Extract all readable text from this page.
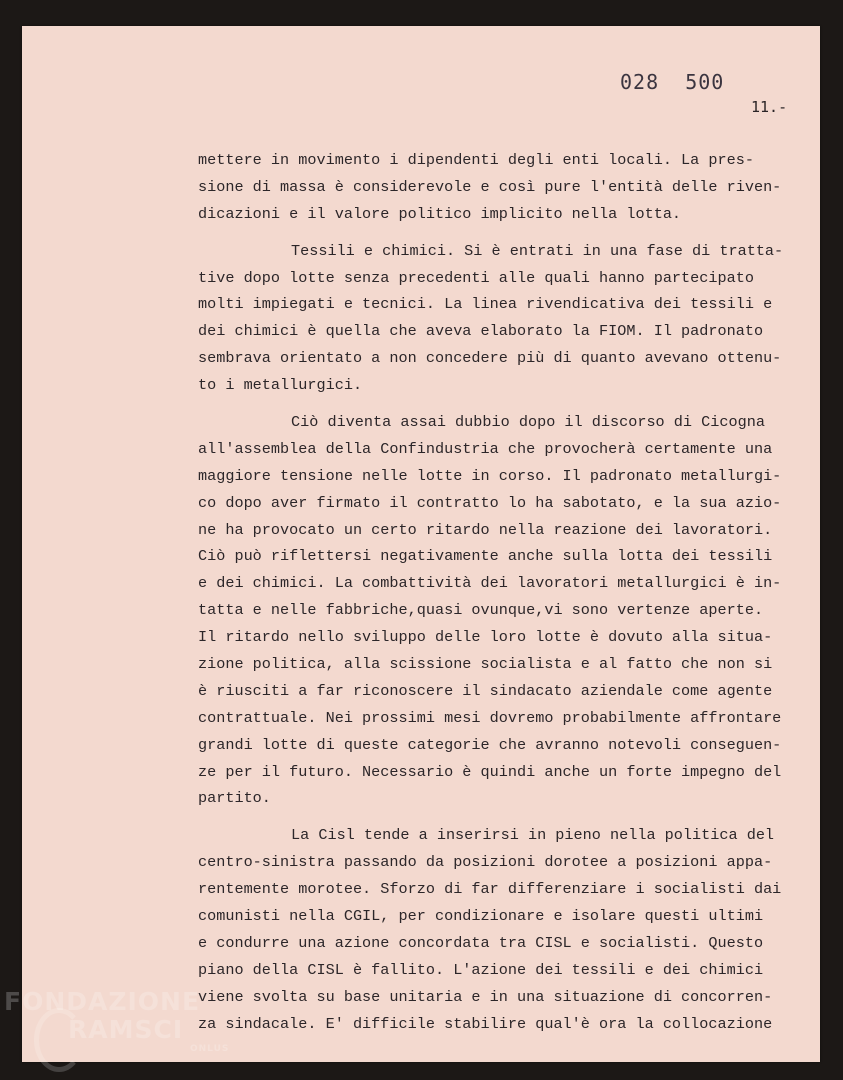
028  500
11.-
mettere in movimento i dipendenti degli enti locali. La pres-
sione di massa è considerevole e così pure l'entità delle riven-
dicazioni e il valore politico implicito nella lotta.
Tessili e chimici. Si è entrati in una fase di tratta-
tive dopo lotte senza precedenti alle quali hanno partecipato
molti impiegati e tecnici. La linea rivendicativa dei tessili e
dei chimici è quella che aveva elaborato la FIOM. Il padronato
sembrava orientato a non concedere più di quanto avevano ottenu-
to i metallurgici.
Ciò diventa assai dubbio dopo il discorso di Cicogna
all'assemblea della Confindustria che provocherà certamente una
maggiore tensione nelle lotte in corso. Il padronato metallurgi-
co dopo aver firmato il contratto lo ha sabotato, e la sua azio-
ne ha provocato un certo ritardo nella reazione dei lavoratori.
Ciò può riflettersi negativamente anche sulla lotta dei tessili
e dei chimici. La combattività dei lavoratori metallurgici è in-
tatta e nelle fabbriche,quasi ovunque,vi sono vertenze aperte.
Il ritardo nello sviluppo delle loro lotte è dovuto alla situa-
zione politica, alla scissione socialista e al fatto che non si
è riusciti a far riconoscere il sindacato aziendale come agente
contrattuale. Nei prossimi mesi dovremo probabilmente affrontare
grandi lotte di queste categorie che avranno notevoli conseguen-
ze per il futuro. Necessario è quindi anche un forte impegno del
partito.
La Cisl tende a inserirsi in pieno nella politica del
centro-sinistra passando da posizioni dorotee a posizioni appa-
rentemente morotee. Sforzo di far differenziare i socialisti dai
comunisti nella CGIL, per condizionare e isolare questi ultimi
e condurre una azione concordata tra CISL e socialisti. Questo
piano della CISL è fallito. L'azione dei tessili e dei chimici
viene svolta su base unitaria e in una situazione di concorren-
za sindacale. E' difficile stabilire qual'è ora la collocazione
FONDAZIONE
RAMSCI
ONLUS
